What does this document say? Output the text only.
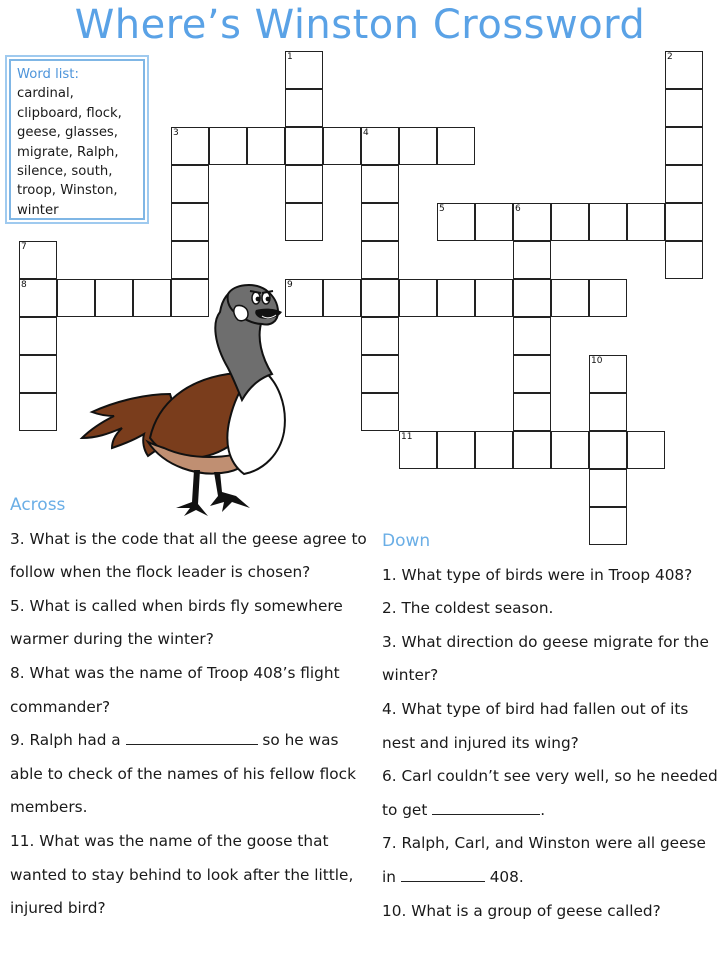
Where’s Winston Crossword
Word list:
cardinal,
clipboard, flock,
geese, glasses,
migrate, Ralph,
silence, south,
troop, Winston,
winter
1	2
3	4
5	6
7
8	9
10
11
Across

3. What is the code that all the geese agree to follow when the flock leader is chosen?

5. What is called when birds fly somewhere warmer during the winter?

8. What was the name of Troop 408’s flight commander?

9. Ralph had a	so he was able to check of the names of his fellow flock members.

11. What was the name of the goose that wanted to stay behind to look after the little, injured bird?

Down

1. What type of birds were in Troop 408?

2. The coldest season.

3. What direction do geese migrate for the winter?

4. What type of bird had fallen out of its nest and injured its wing?

6. Carl couldn’t see very well, so he needed to get	.

7. Ralph, Carl, and Winston were all geese in	408.

10. What is a group of geese called?
